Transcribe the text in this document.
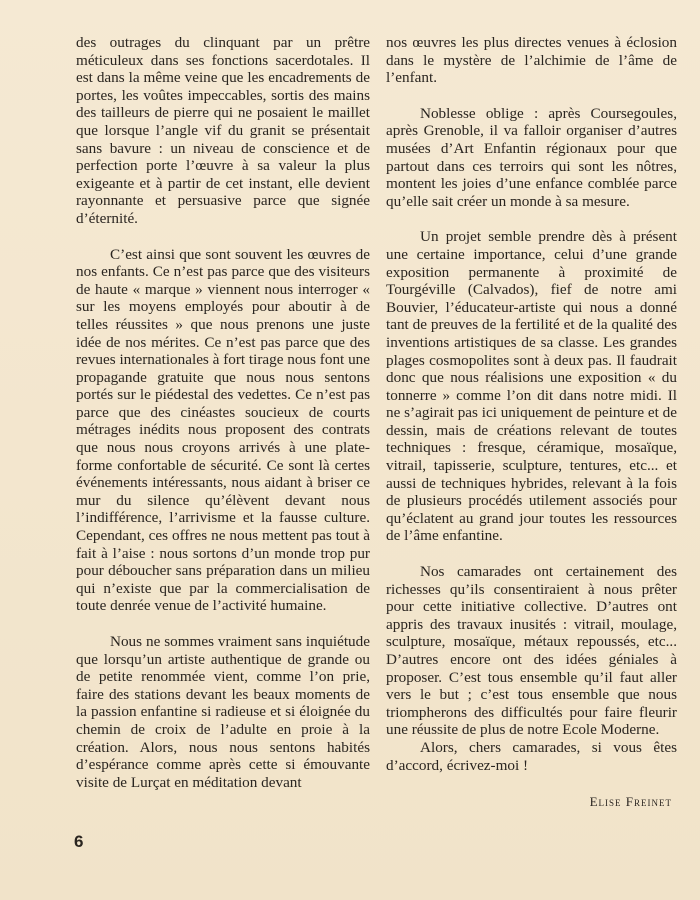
des outrages du clinquant par un prêtre méticuleux dans ses fonctions sacerdotales. Il est dans la même veine que les encadrements de portes, les voûtes impeccables, sortis des mains des tailleurs de pierre qui ne posaient le maillet que lorsque l’angle vif du granit se présentait sans bavure : un niveau de conscience et de perfection porte l’œuvre à sa valeur la plus exigeante et à partir de cet instant, elle devient rayonnante et persuasive parce que signée d’éternité.

C’est ainsi que sont souvent les œuvres de nos enfants. Ce n’est pas parce que des visiteurs de haute « marque » viennent nous interroger « sur les moyens employés pour aboutir à de telles réussites » que nous prenons une juste idée de nos mérites. Ce n’est pas parce que des revues internationales à fort tirage nous font une propagande gratuite que nous nous sentons portés sur le piédestal des vedettes. Ce n’est pas parce que des cinéastes soucieux de courts métrages inédits nous proposent des contrats que nous nous croyons arrivés à une plate-forme confortable de sécurité. Ce sont là certes événements intéressants, nous aidant à briser ce mur du silence qu’élèvent devant nous l’indifférence, l’arrivisme et la fausse culture. Cependant, ces offres ne nous mettent pas tout à fait à l’aise : nous sortons d’un monde trop pur pour déboucher sans préparation dans un milieu qui n’existe que par la commercialisation de toute denrée venue de l’activité humaine.

Nous ne sommes vraiment sans inquiétude que lorsqu’un artiste authentique de grande ou de petite renommée vient, comme l’on prie, faire des stations devant les beaux moments de la passion enfantine si radieuse et si éloignée du chemin de croix de l’adulte en proie à la création. Alors, nous nous sentons habités d’espérance comme après cette si émouvante visite de Lurçat en méditation devant

nos œuvres les plus directes venues à éclosion dans le mystère de l’alchimie de l’âme de l’enfant.

Noblesse oblige : après Coursegoules, après Grenoble, il va falloir organiser d’autres musées d’Art Enfantin régionaux pour que partout dans ces terroirs qui sont les nôtres, montent les joies d’une enfance comblée parce qu’elle sait créer un monde à sa mesure.

Un projet semble prendre dès à présent une certaine importance, celui d’une grande exposition permanente à proximité de Tourgéville (Calvados), fief de notre ami Bouvier, l’éducateur-artiste qui nous a donné tant de preuves de la fertilité et de la qualité des inventions artistiques de sa classe. Les grandes plages cosmopolites sont à deux pas. Il faudrait donc que nous réalisions une exposition « du tonnerre » comme l’on dit dans notre midi. Il ne s’agirait pas ici uniquement de peinture et de dessin, mais de créations relevant de toutes techniques : fresque, céramique, mosaïque, vitrail, tapisserie, sculpture, tentures, etc... et aussi de techniques hybrides, relevant à la fois de plusieurs procédés utilement associés pour qu’éclatent au grand jour toutes les ressources de l’âme enfantine.

Nos camarades ont certainement des richesses qu’ils consentiraient à nous prêter pour cette initiative collective. D’autres ont appris des travaux inusités : vitrail, moulage, sculpture, mosaïque, métaux repoussés, etc... D’autres encore ont des idées géniales à proposer. C’est tous ensemble qu’il faut aller vers le but ; c’est tous ensemble que nous triompherons des difficultés pour faire fleurir une réussite de plus de notre Ecole Moderne.

Alors, chers camarades, si vous êtes d’accord, écrivez-moi !

Elise Freinet
6
